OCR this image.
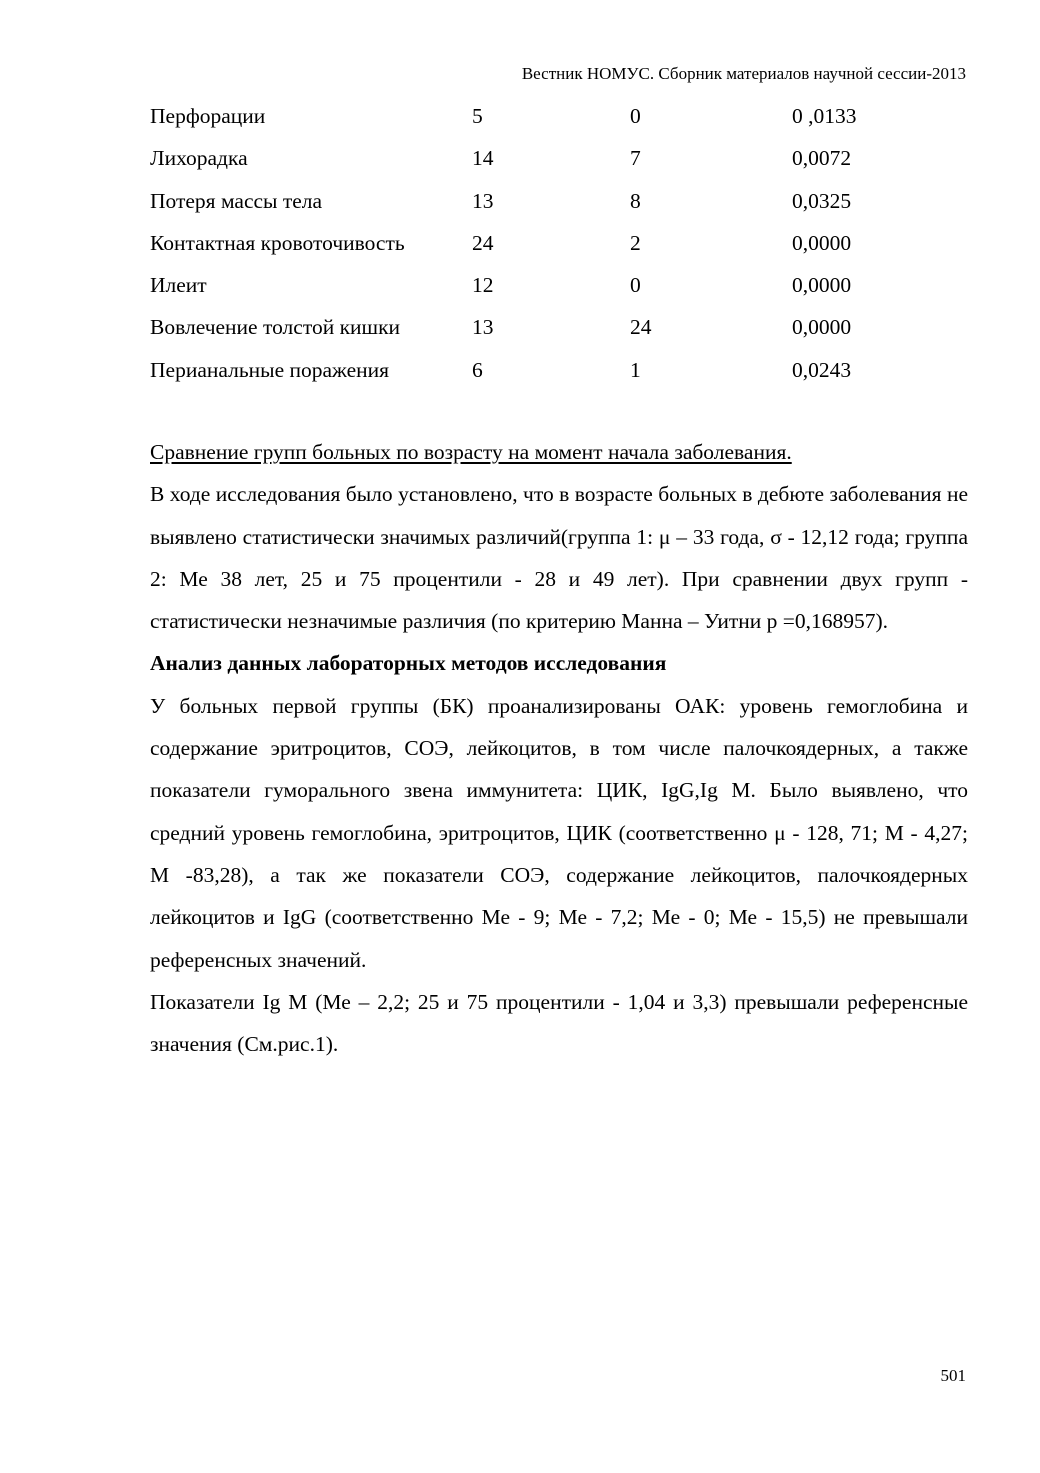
Вестник НОМУС. Сборник материалов научной сессии-2013
Перфорации	5	0	0 ,0133
Лихорадка	14	7	0,0072
Потеря массы тела	13	8	0,0325
Контактная кровоточивость	24	2	0,0000
Илеит	12	0	0,0000
Вовлечение толстой кишки	13	24	0,0000
Перианальные поражения	6	1	0,0243

Сравнение групп больных по возрасту на момент начала заболевания.

В ходе исследования было установлено, что в возрасте больных в дебюте заболевания не выявлено статистически значимых различий(группа 1: μ – 33 года, σ - 12,12 года; группа 2: Ме 38 лет, 25 и 75 процентили - 28 и 49 лет). При сравнении двух групп - статистически незначимые различия (по критерию Манна – Уитни р =0,168957).

Анализ данных лабораторных методов исследования

У больных первой группы (БК) проанализированы ОАК: уровень гемоглобина и содержание эритроцитов, СОЭ, лейкоцитов, в том числе палочкоядерных, а также показатели гуморального звена иммунитета: ЦИК, IgG,Ig M. Было выявлено, что средний уровень гемоглобина, эритроцитов, ЦИК (соответственно μ - 128, 71; M - 4,27; M -83,28), а так же показатели СОЭ, содержание лейкоцитов, палочкоядерных лейкоцитов и IgG (соответственно Ме - 9; Ме - 7,2; Ме - 0; Ме - 15,5) не превышали референсных значений.

Показатели Ig M (Ме – 2,2; 25 и 75 процентили - 1,04 и 3,3) превышали референсные значения (См.рис.1).

501
